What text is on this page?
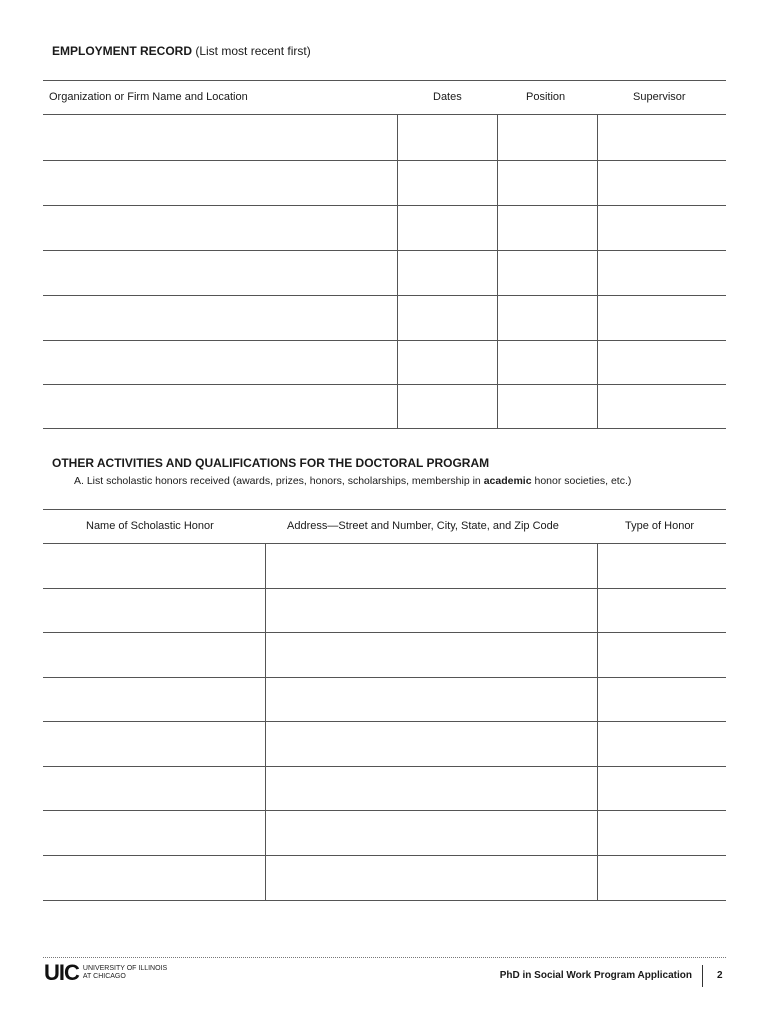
EMPLOYMENT RECORD (List most recent first)
Organization or Firm Name and Location	Dates	Position	Supervisor
OTHER ACTIVITIES AND QUALIFICATIONS FOR THE DOCTORAL PROGRAM
A. List scholastic honors received (awards, prizes, honors, scholarships, membership in academic honor societies, etc.)
Name of Scholastic Honor	Address—Street and Number, City, State, and Zip Code	Type of Honor
UIC UNIVERSITY OF ILLINOIS
AT CHICAGO	PhD in Social Work Program Application	2
